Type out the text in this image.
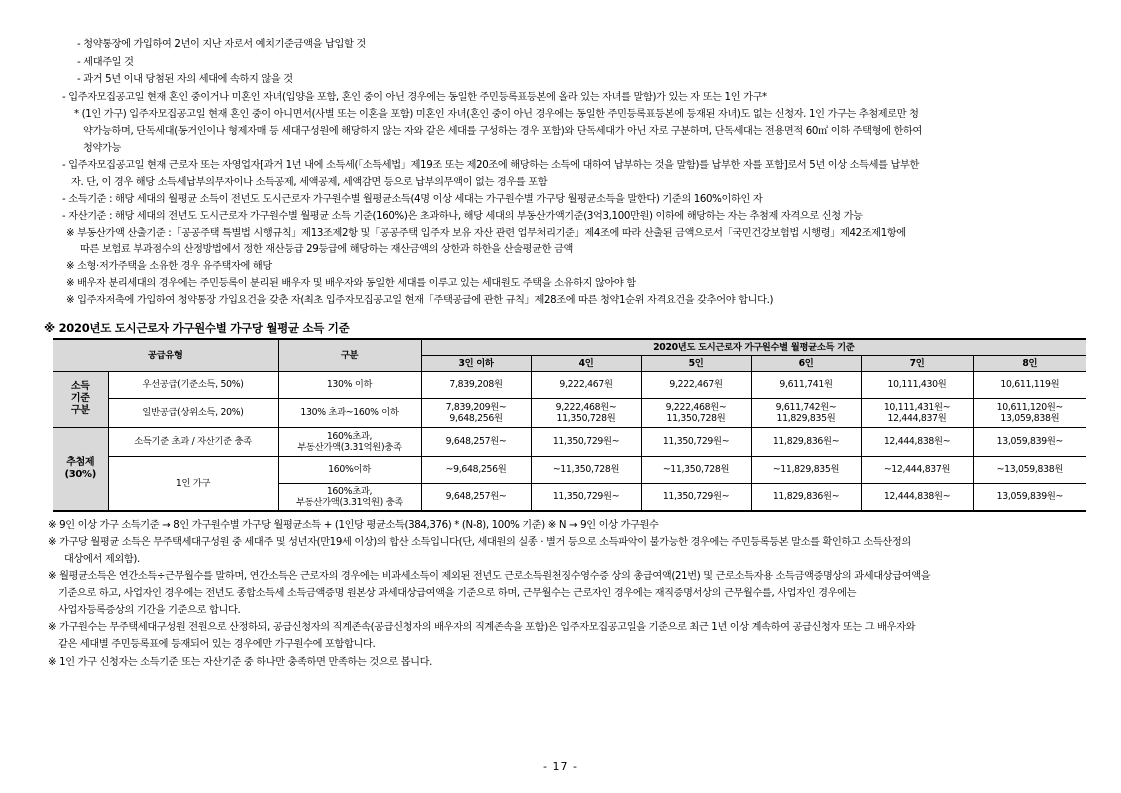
- 청약통장에 가입하여 2년이 지난 자로서 예치기준금액을 납입할 것
- 세대주일 것
- 과거 5년 이내 당첨된 자의 세대에 속하지 않을 것
- 입주자모집공고일 현재 혼인 중이거나 미혼인 자녀(입양을 포함, 혼인 중이 아닌 경우에는 동일한 주민등록표등본에 올라 있는 자녀를 말함)가 있는 자 또는 1인 가구*
* (1인 가구) 입주자모집공고일 현재 혼인 중이 아니면서(사별 또는 이혼을 포함) 미혼인 자녀(혼인 중이 아닌 경우에는 동일한 주민등록표등본에 등재된 자녀)도 없는 신청자. 1인 가구는 추첨제로만 청
약가능하며, 단독세대(동거인이나 형제자매 등 세대구성원에 해당하지 않는 자와 같은 세대를 구성하는 경우 포함)와 단독세대가 아닌 자로 구분하며, 단독세대는 전용면적 60㎡ 이하 주택형에 한하여
청약가능
- 입주자모집공고일 현재 근로자 또는 자영업자[과거 1년 내에 소득세(「소득세법」제19조 또는 제20조에 해당하는 소득에 대하여 납부하는 것을 말함)를 납부한 자를 포함]로서 5년 이상 소득세를 납부한
자. 단, 이 경우 해당 소득세납부의무자이나 소득공제, 세액공제, 세액감면 등으로 납부의무액이 없는 경우를 포함
- 소득기준 : 해당 세대의 월평균 소득이 전년도 도시근로자 가구원수별 월평균소득(4명 이상 세대는 가구원수별 가구당 월평균소득을 말한다) 기준의 160%이하인 자
- 자산기준 : 해당 세대의 전년도 도시근로자 가구원수별 월평균 소득 기준(160%)은 초과하나, 해당 세대의 부동산가액기준(3억3,100만원) 이하에 해당하는 자는 추첨제 자격으로 신청 가능
※ 부동산가액 산출기준 :「공공주택 특별법 시행규칙」제13조제2항 및「공공주택 입주자 보유 자산 관련 업무처리기준」제4조에 따라 산출된 금액으로서「국민건강보험법 시행령」제42조제1항에
따른 보험료 부과점수의 산정방법에서 정한 재산등급 29등급에 해당하는 재산금액의 상한과 하한을 산술평균한 금액
※ 소형·저가주택을 소유한 경우 유주택자에 해당
※ 배우자 분리세대의 경우에는 주민등록이 분리된 배우자 및 배우자와 동일한 세대를 이루고 있는 세대원도 주택을 소유하지 않아야 함
※ 입주자저축에 가입하여 청약통장 가입요건을 갖춘 자(최초 입주자모집공고일 현재「주택공급에 관한 규칙」제28조에 따른 청약1순위 자격요건을 갖추어야 합니다.)
※ 2020년도 도시근로자 가구원수별 가구당 월평균 소득 기준
공급유형		구분	2020년도 도시근로자 가구원수별 월평균소득 기준					
			3인 이하	4인	5인	6인	7인	8인
소득
기준
구분	우선공급(기준소득, 50%)	130% 이하	7,839,208원	9,222,467원	9,222,467원	9,611,741원	10,111,430원	10,611,119원
	일반공급(상위소득, 20%)	130% 초과~160% 이하	7,839,209원~
9,648,256원	9,222,468원~
11,350,728원	9,222,468원~
11,350,728원	9,611,742원~
11,829,835원	10,111,431원~
12,444,837원	10,611,120원~
13,059,838원
추첨제
(30%)	소득기준 초과 / 자산기준 충족	160%초과,
부동산가액(3.31억원)충족	9,648,257원~	11,350,729원~	11,350,729원~	11,829,836원~	12,444,838원~	13,059,839원~
	1인 가구	160%이하	~9,648,256원	~11,350,728원	~11,350,728원	~11,829,835원	~12,444,837원	~13,059,838원
		160%초과,
부동산가액(3.31억원) 충족	9,648,257원~	11,350,729원~	11,350,729원~	11,829,836원~	12,444,838원~	13,059,839원~
※ 9인 이상 가구 소득기준 → 8인 가구원수별 가구당 월평균소득 + (1인당 평균소득(384,376) * (N-8), 100% 기준) ※ N → 9인 이상 가구원수
※ 가구당 월평균 소득은 무주택세대구성원 중 세대주 및 성년자(만19세 이상)의 합산 소득입니다(단, 세대원의 실종 · 별거 등으로 소득파악이 불가능한 경우에는 주민등록등본 말소를 확인하고 소득산정의
대상에서 제외함).
※ 월평균소득은 연간소득÷근무월수를 말하며, 연간소득은 근로자의 경우에는 비과세소득이 제외된 전년도 근로소득원천징수영수증 상의 총급여액(21번) 및 근로소득자용 소득금액증명상의 과세대상급여액을
기준으로 하고, 사업자인 경우에는 전년도 종합소득세 소득금액증명 원본상 과세대상급여액을 기준으로 하며, 근무월수는 근로자인 경우에는 재직증명서상의 근무월수를, 사업자인 경우에는
사업자등록증상의 기간을 기준으로 합니다.
※ 가구원수는 무주택세대구성원 전원으로 산정하되, 공급신청자의 직계존속(공급신청자의 배우자의 직계존속을 포함)은 입주자모집공고일을 기준으로 최근 1년 이상 계속하여 공급신청자 또는 그 배우자와
같은 세대별 주민등록표에 등재되어 있는 경우에만 가구원수에 포함합니다.
※ 1인 가구 신청자는 소득기준 또는 자산기준 중 하나만 충족하면 만족하는 것으로 봅니다.
- 17 -
